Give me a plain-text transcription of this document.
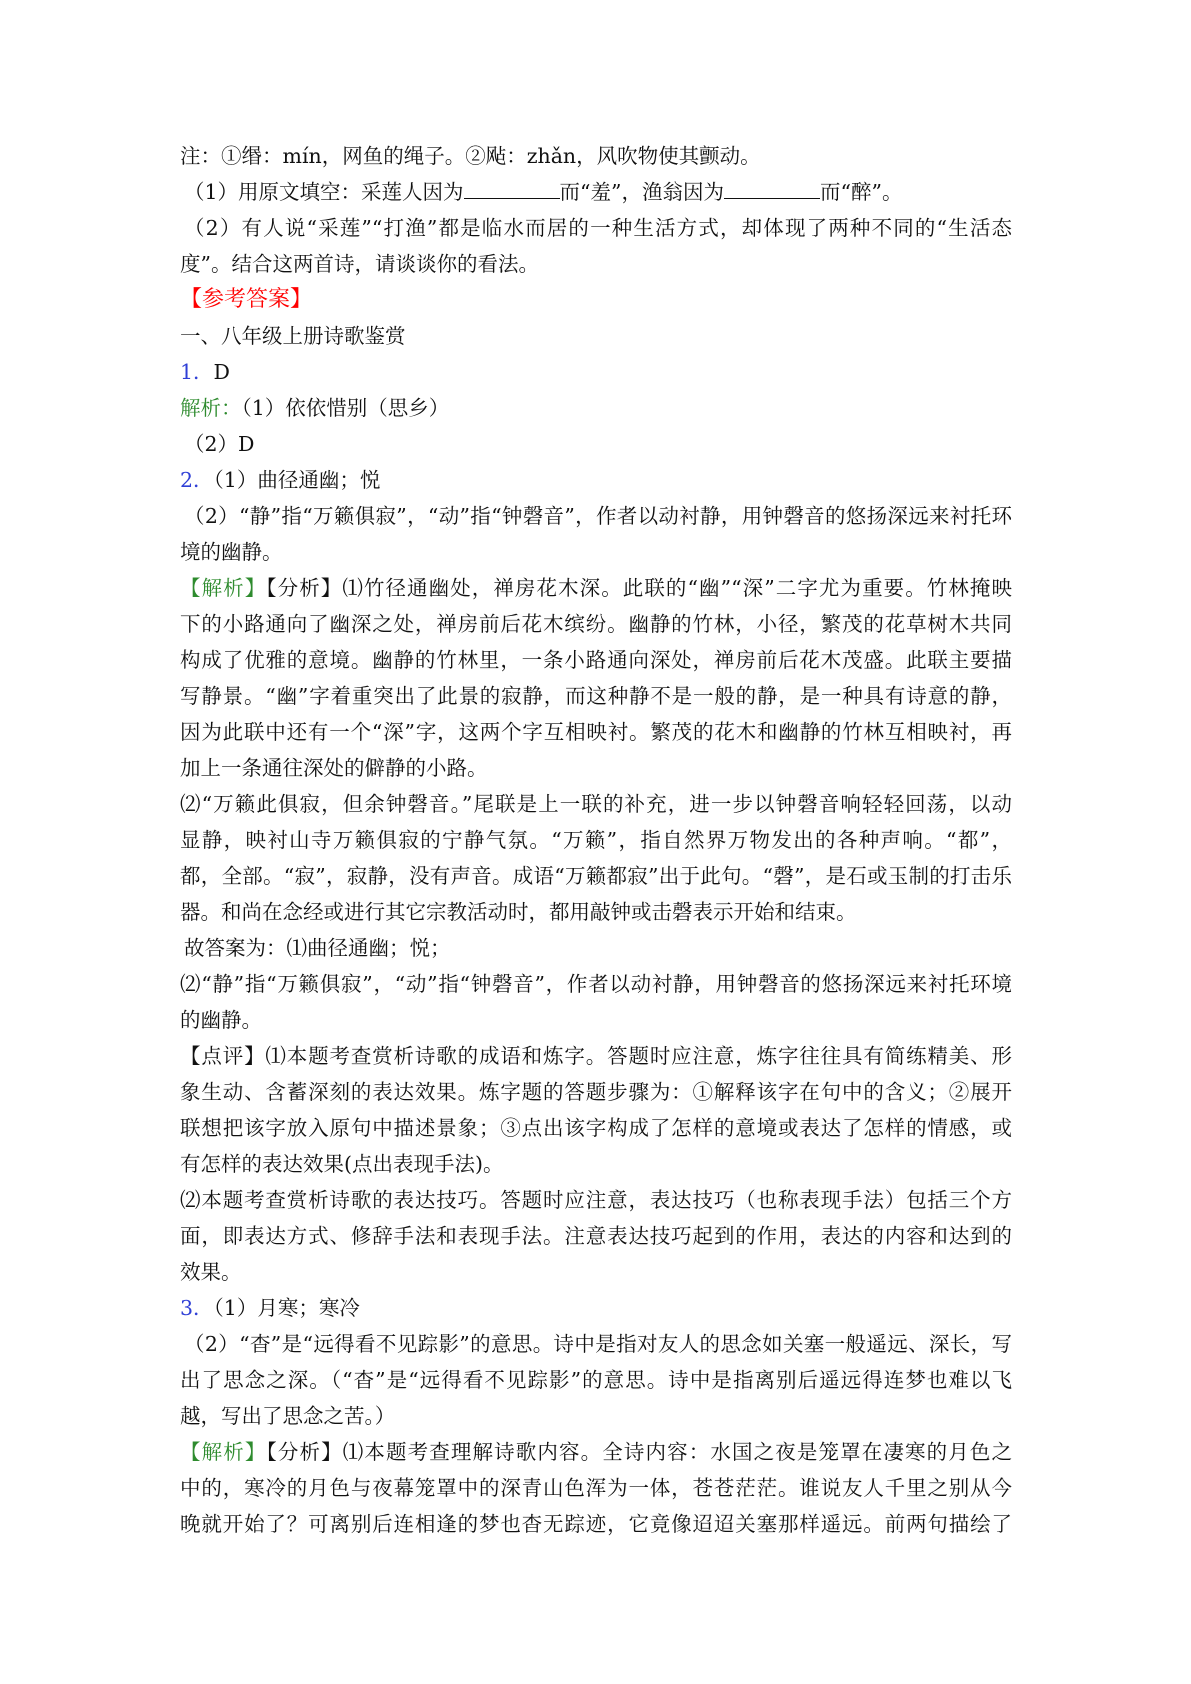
注：①缗：mín，网鱼的绳子。②飐：zhǎn，风吹物使其颤动。
（1）用原文填空：采莲人因为	而“羞”，渔翁因为	而“醉”。
（2）有人说“采莲”“打渔”都是临水而居的一种生活方式，却体现了两种不同的“生活态
度”。结合这两首诗，请谈谈你的看法。
【参考答案】
一、八年级上册诗歌鉴赏
1．D
解析：（1）依依惜别（思乡）
（2）D
2．（1）曲径通幽；悦
（2）“静”指“万籁俱寂”，“动”指“钟磬音”，作者以动衬静，用钟磬音的悠扬深远来衬托环
境的幽静。
【解析】【分析】⑴竹径通幽处，禅房花木深。此联的“幽”“深”二字尤为重要。竹林掩映
下的小路通向了幽深之处，禅房前后花木缤纷。幽静的竹林，小径，繁茂的花草树木共同
构成了优雅的意境。幽静的竹林里，一条小路通向深处，禅房前后花木茂盛。此联主要描
写静景。“幽”字着重突出了此景的寂静，而这种静不是一般的静，是一种具有诗意的静，
因为此联中还有一个“深”字，这两个字互相映衬。繁茂的花木和幽静的竹林互相映衬，再
加上一条通往深处的僻静的小路。
⑵“万籁此俱寂，但余钟磬音。”尾联是上一联的补充，进一步以钟磬音响轻轻回荡，以动
显静，映衬山寺万籁俱寂的宁静气氛。“万籁”，指自然界万物发出的各种声响。“都”，
都，全部。“寂”，寂静，没有声音。成语“万籁都寂”出于此句。“磬”，是石或玉制的打击乐
器。和尚在念经或进行其它宗教活动时，都用敲钟或击磬表示开始和结束。
故答案为：⑴曲径通幽；悦；
⑵“静”指“万籁俱寂”，“动”指“钟磬音”，作者以动衬静，用钟磬音的悠扬深远来衬托环境
的幽静。
【点评】⑴本题考查赏析诗歌的成语和炼字。答题时应注意，炼字往往具有简练精美、形
象生动、含蓄深刻的表达效果。炼字题的答题步骤为：①解释该字在句中的含义；②展开
联想把该字放入原句中描述景象；③点出该字构成了怎样的意境或表达了怎样的情感，或
有怎样的表达效果(点出表现手法)。
⑵本题考查赏析诗歌的表达技巧。答题时应注意，表达技巧（也称表现手法）包括三个方
面，即表达方式、修辞手法和表现手法。注意表达技巧起到的作用，表达的内容和达到的
效果。
3．（1）月寒；寒冷
（2）“杳”是“远得看不见踪影”的意思。诗中是指对友人的思念如关塞一般遥远、深长，写
出了思念之深。（“杳”是“远得看不见踪影”的意思。诗中是指离别后遥远得连梦也难以飞
越，写出了思念之苦。）
【解析】【分析】⑴本题考查理解诗歌内容。全诗内容：水国之夜是笼罩在凄寒的月色之
中的，寒冷的月色与夜幕笼罩中的深青山色浑为一体，苍苍茫茫。谁说友人千里之别从今
晚就开始了？可离别后连相逢的梦也杳无踪迹，它竟像迢迢关塞那样遥远。前两句描绘了
